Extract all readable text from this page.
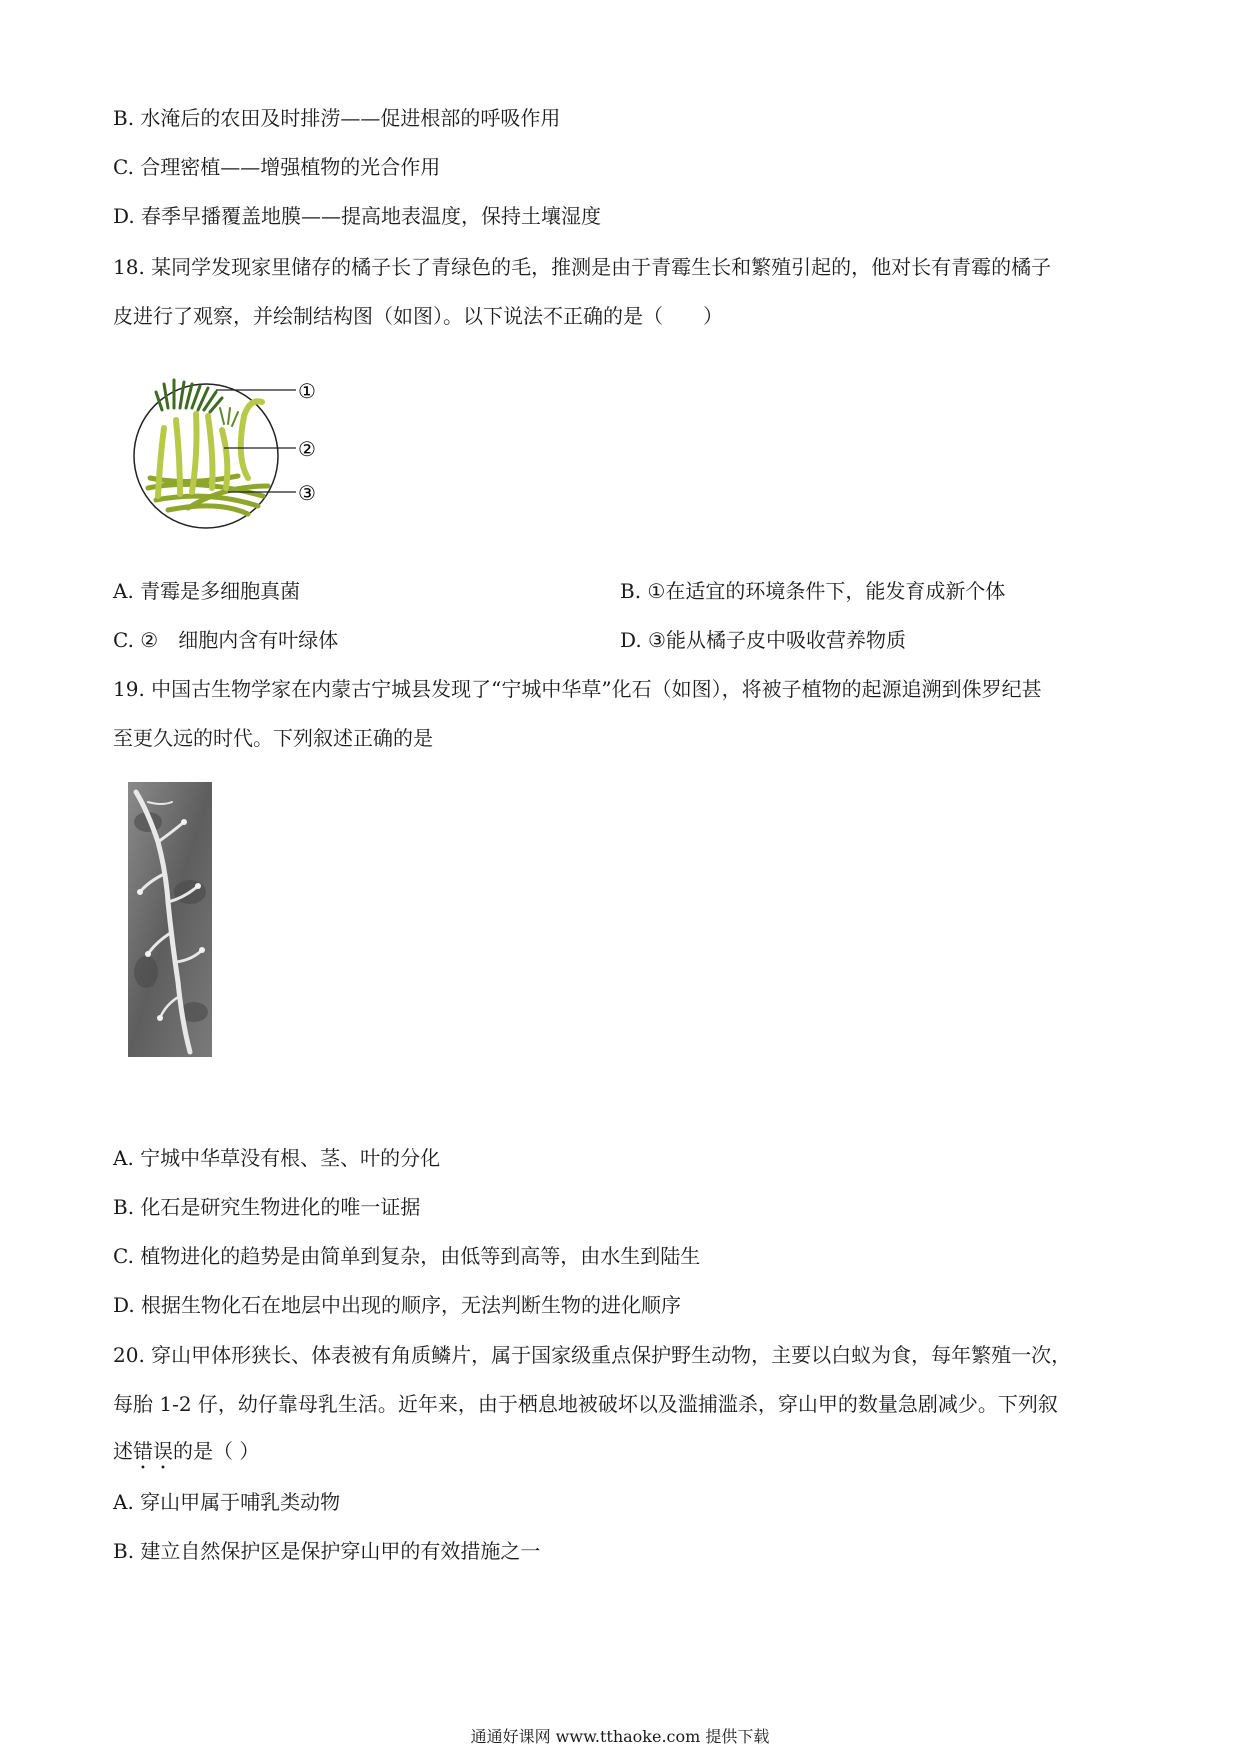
B. 水淹后的农田及时排涝——促进根部的呼吸作用
C. 合理密植——增强植物的光合作用
D. 春季早播覆盖地膜——提高地表温度，保持土壤湿度
18. 某同学发现家里储存的橘子长了青绿色的毛，推测是由于青霉生长和繁殖引起的，他对长有青霉的橘子
皮进行了观察，并绘制结构图（如图）。以下说法不正确的是（　　）
①
②
③
A. 青霉是多细胞真菌	B. ①在适宜的环境条件下，能发育成新个体
C. ②　细胞内含有叶绿体	D. ③能从橘子皮中吸收营养物质
19. 中国古生物学家在内蒙古宁城县发现了“宁城中华草”化石（如图），将被子植物的起源追溯到侏罗纪甚
至更久远的时代。下列叙述正确的是
A. 宁城中华草没有根、茎、叶的分化
B. 化石是研究生物进化的唯一证据
C. 植物进化的趋势是由简单到复杂，由低等到高等，由水生到陆生
D. 根据生物化石在地层中出现的顺序，无法判断生物的进化顺序
20. 穿山甲体形狭长、体表被有角质鳞片，属于国家级重点保护野生动物，主要以白蚁为食，每年繁殖一次，
每胎 1-2 仔，幼仔靠母乳生活。近年来，由于栖息地被破坏以及滥捕滥杀，穿山甲的数量急剧减少。下列叙
述错误的是（ ）
A. 穿山甲属于哺乳类动物
B. 建立自然保护区是保护穿山甲的有效措施之一
通通好课网 www.tthaoke.com 提供下载
